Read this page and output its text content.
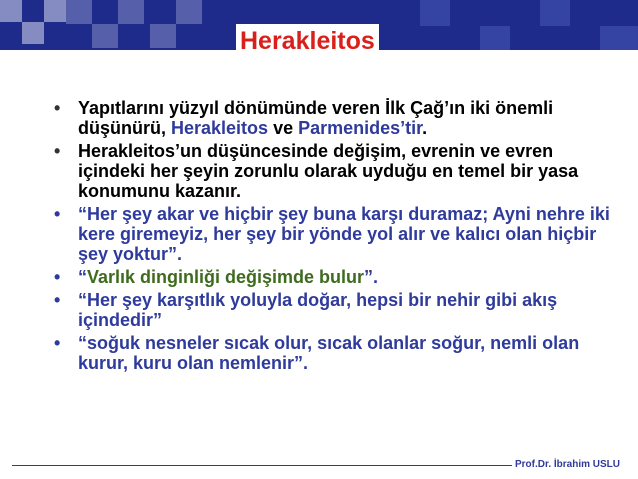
Herakleitos
• Yapıtlarını yüzyıl dönümünde veren İlk Çağ’ın iki önemli düşünürü, Herakleitos ve Parmenides’tir.
• Herakleitos’un düşüncesinde değişim, evrenin ve evren içindeki her şeyin zorunlu olarak uyduğu en temel bir yasa konumunu kazanır.
• “Her şey akar ve hiçbir şey buna karşı duramaz; Ayni nehre iki kere giremeyiz, her şey bir yönde yol alır ve kalıcı olan hiçbir şey yoktur”.
• “Varlık dinginliği değişimde bulur”.
• “Her şey karşıtlık yoluyla doğar, hepsi bir nehir gibi akış içindedir”
• “soğuk nesneler sıcak olur, sıcak olanlar soğur, nemli olan kurur, kuru olan nemlenir”.
Prof.Dr. İbrahim USLU
